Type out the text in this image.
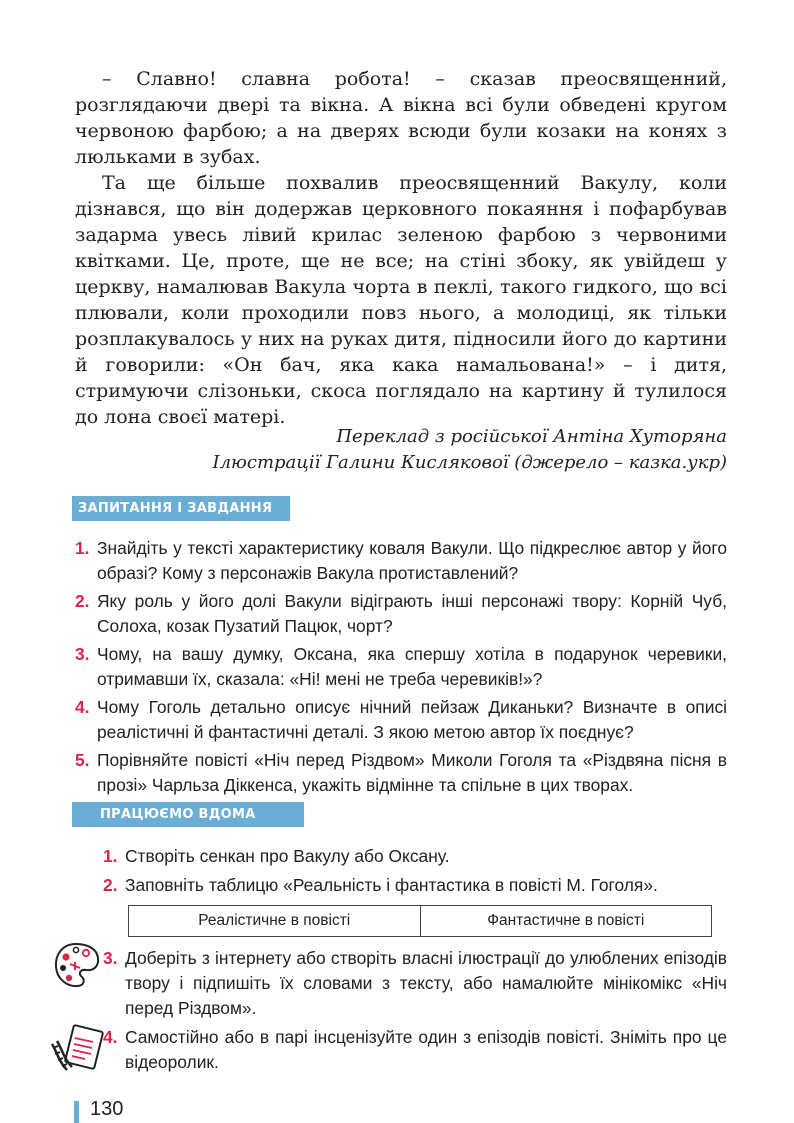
– Славно! славна робота! – сказав преосвященний, розглядаючи двері та вікна. А вікна всі були обведені кругом червоною фарбою; а на дверях всюди були козаки на конях з люльками в зубах.

Та ще більше похвалив преосвященний Вакулу, коли дізнався, що він додержав церковного покаяння і пофарбував задарма увесь лівий крилас зеленою фарбою з червоними квітками. Це, проте, ще не все; на стіні збоку, як увійдеш у церкву, намалював Вакула чорта в пеклі, такого гидкого, що всі плювали, коли проходили повз нього, а молодиці, як тільки розплакувалось у них на руках дитя, підносили його до картини й говорили: «Он бач, яка кака намальована!» – і дитя, стримуючи слізоньки, скоса поглядало на картину й тулилося до лона своєї матері.

Переклад з російської Антіна Хуторяна
Ілюстрації Галини Кислякової (джерело – казка.укр)
ЗАПИТАННЯ І ЗАВДАННЯ
1. Знайдіть у тексті характеристику коваля Вакули. Що підкреслює автор у його образі? Кому з персонажів Вакула протиставлений?
2. Яку роль у його долі Вакули відіграють інші персонажі твору: Корній Чуб, Солоха, козак Пузатий Пацюк, чорт?
3. Чому, на вашу думку, Оксана, яка спершу хотіла в подарунок черевики, отримавши їх, сказала: «Ні! мені не треба черевиків!»?
4. Чому Гоголь детально описує нічний пейзаж Диканьки? Визначте в описі реалістичні й фантастичні деталі. З якою метою автор їх поєднує?
5. Порівняйте повісті «Ніч перед Різдвом» Миколи Гоголя та «Різдвяна пісня в прозі» Чарльза Діккенса, укажіть відмінне та спільне в цих творах.
ПРАЦЮЄМО ВДОМА
1. Створіть сенкан про Вакулу або Оксану.
2. Заповніть таблицю «Реальність і фантастика в повісті М. Гоголя».
Реалістичне в повісті	Фантастичне в повісті
3. Доберіть з інтернету або створіть власні ілюстрації до улюблених епізодів твору і підпишіть їх словами з тексту, або намалюйте мінікомікс «Ніч перед Різдвом».
4. Самостійно або в парі інсценізуйте один з епізодів повісті. Зніміть про це відеоролик.
130
